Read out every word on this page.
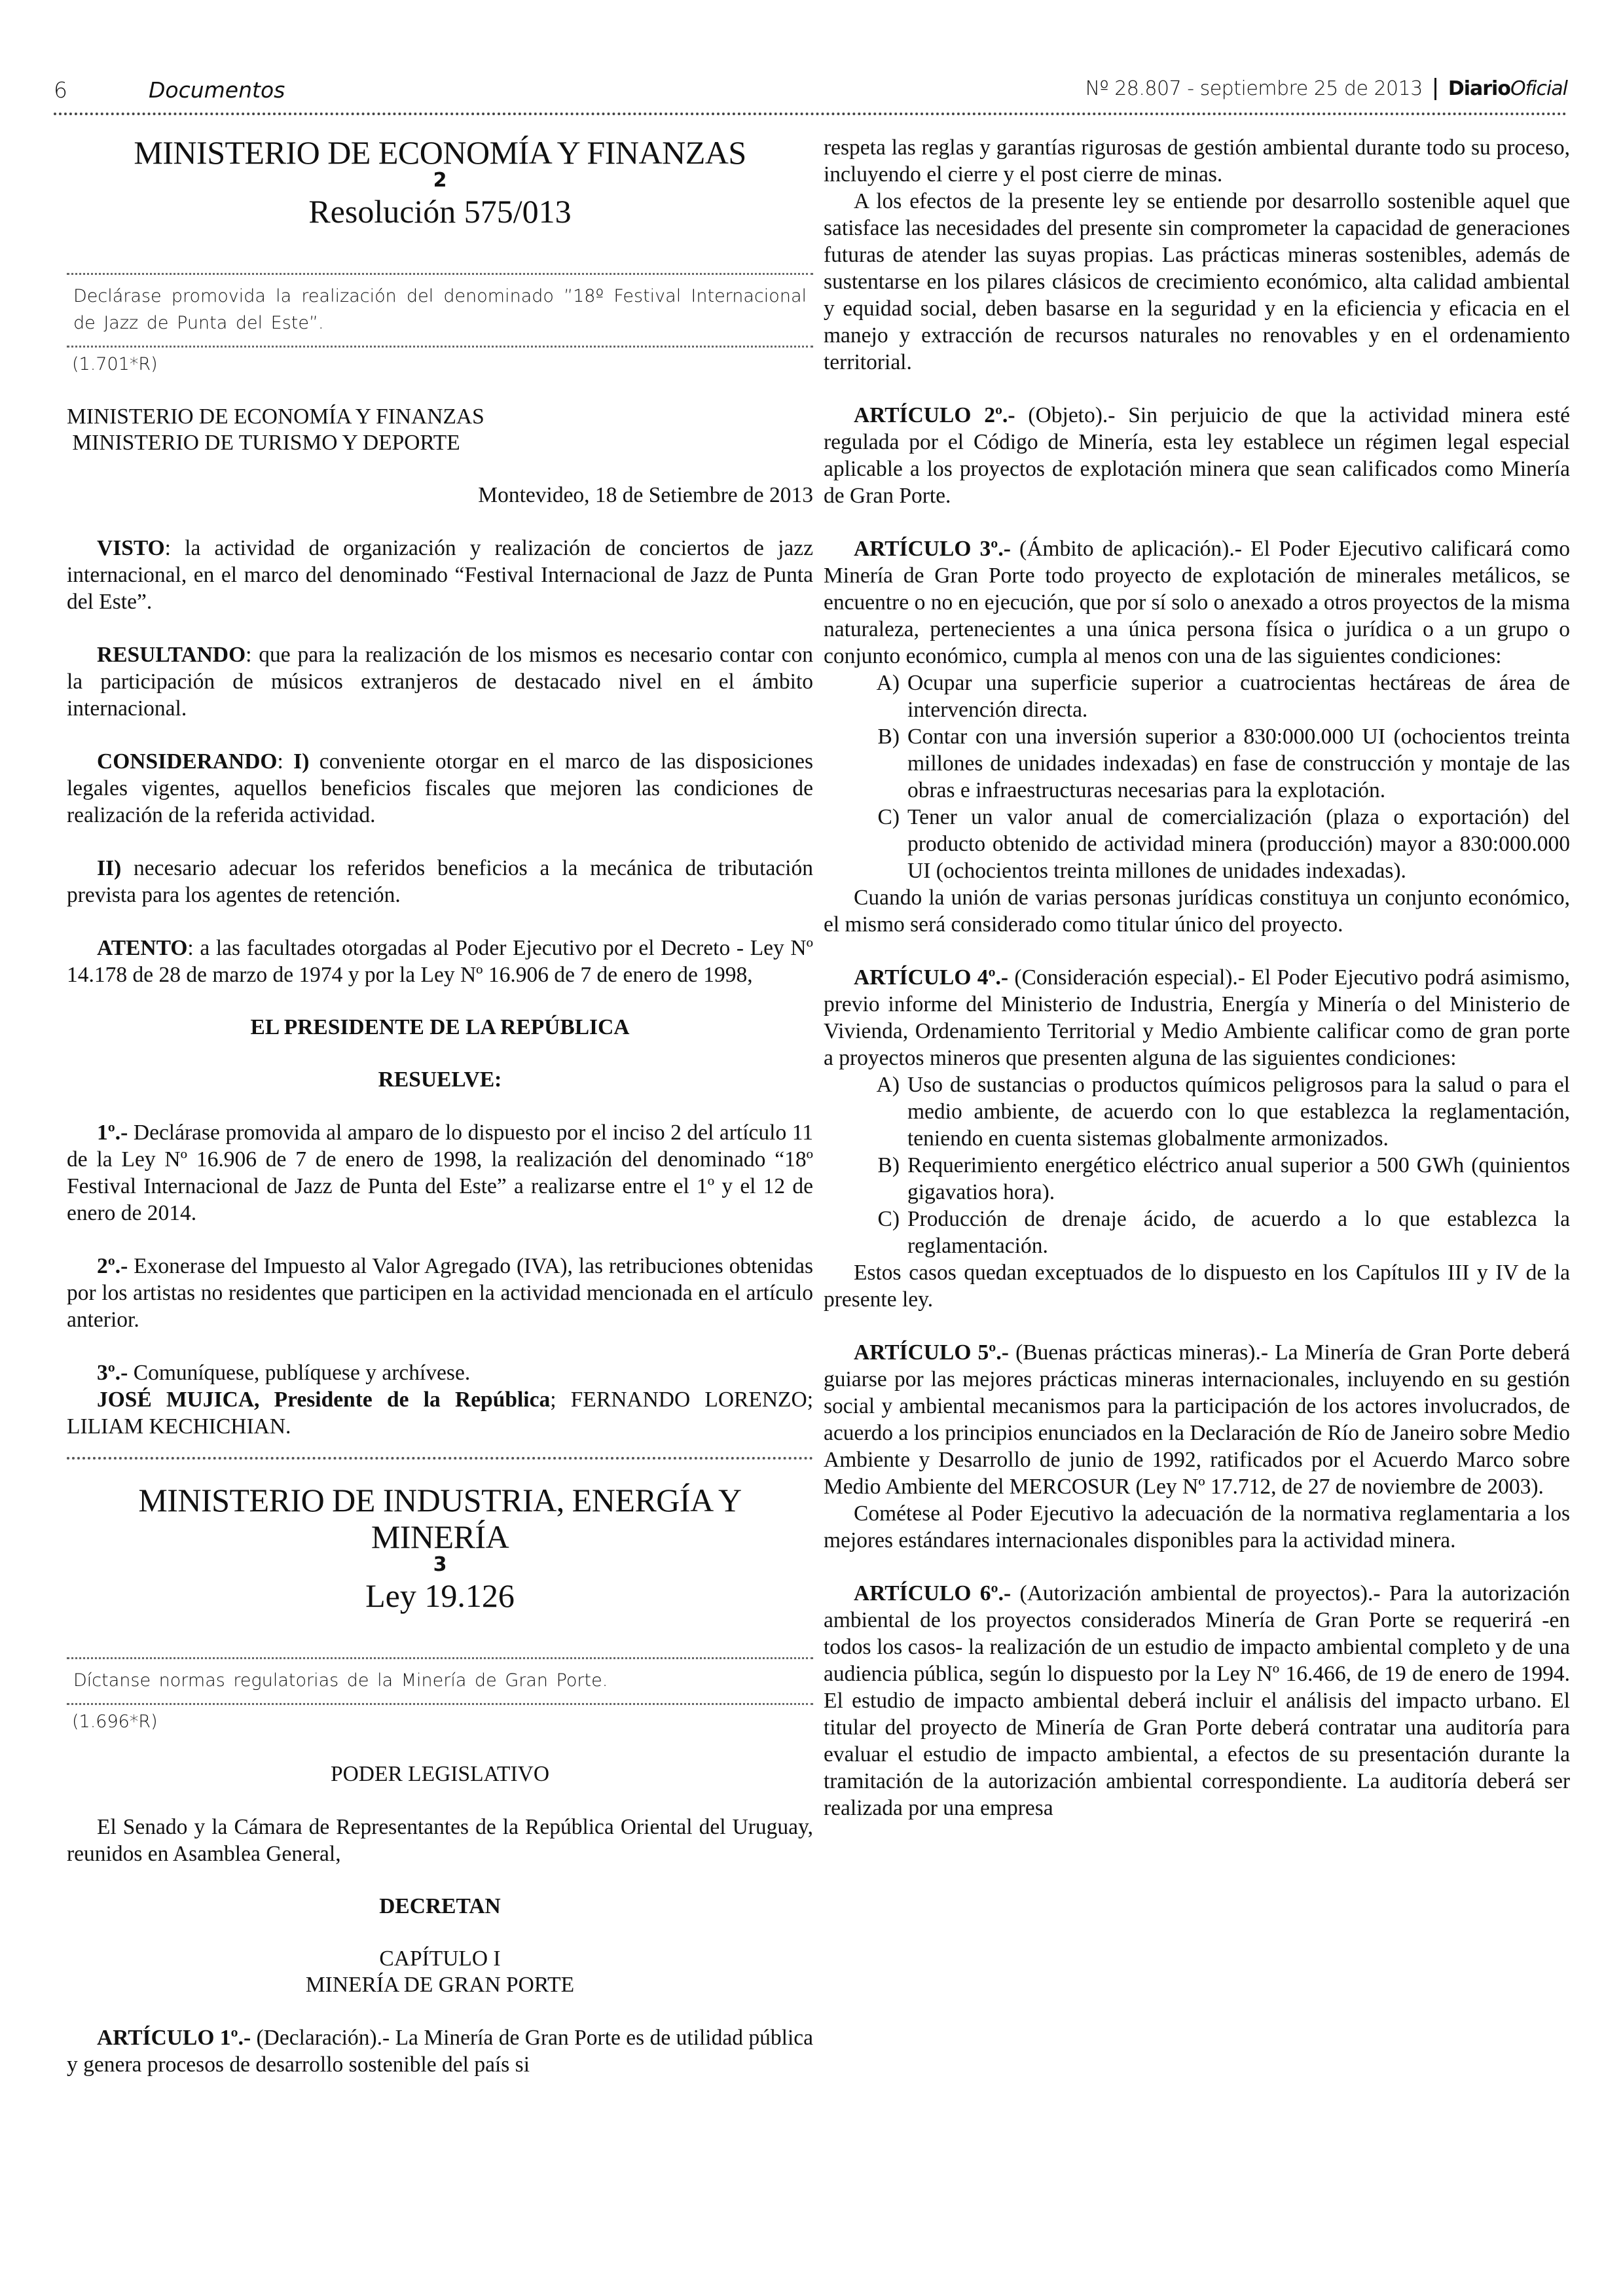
6	Documentos	Nº 28.807 - septiembre 25 de 2013 DiarioOficial

MINISTERIO DE ECONOMÍA Y FINANZAS

2

Resolución 575/013

Declárase promovida la realización del denominado ”18º Festival Internacional de Jazz de Punta del Este”.

(1.701*R)

MINISTERIO DE ECONOMÍA Y FINANZAS

MINISTERIO DE TURISMO Y DEPORTE

Montevideo, 18 de Setiembre de 2013

VISTO: la actividad de organización y realización de conciertos de jazz internacional, en el marco del denominado “Festival Internacional de Jazz de Punta del Este”.

RESULTANDO: que para la realización de los mismos es necesario contar con la participación de músicos extranjeros de destacado nivel en el ámbito internacional.

CONSIDERANDO: I) conveniente otorgar en el marco de las disposiciones legales vigentes, aquellos beneficios fiscales que mejoren las condiciones de realización de la referida actividad.

II) necesario adecuar los referidos beneficios a la mecánica de tributación prevista para los agentes de retención.

ATENTO: a las facultades otorgadas al Poder Ejecutivo por el Decreto - Ley Nº 14.178 de 28 de marzo de 1974 y por la Ley Nº 16.906 de 7 de enero de 1998,

EL PRESIDENTE DE LA REPÚBLICA

RESUELVE:

1º.- Declárase promovida al amparo de lo dispuesto por el inciso 2 del artículo 11 de la Ley Nº 16.906 de 7 de enero de 1998, la realización del denominado “18º Festival Internacional de Jazz de Punta del Este” a realizarse entre el 1º y el 12 de enero de 2014.

2º.- Exonerase del Impuesto al Valor Agregado (IVA), las retribuciones obtenidas por los artistas no residentes que participen en la actividad mencionada en el artículo anterior.

3º.- Comuníquese, publíquese y archívese.

JOSÉ MUJICA, Presidente de la República; FERNANDO LORENZO; LILIAM KECHICHIAN.

MINISTERIO DE INDUSTRIA, ENERGÍA Y MINERÍA

3

Ley 19.126

Díctanse normas regulatorias de la Minería de Gran Porte.

(1.696*R)

PODER LEGISLATIVO

El Senado y la Cámara de Representantes de la República Oriental del Uruguay, reunidos en Asamblea General,

DECRETAN

CAPÍTULO I

MINERÍA DE GRAN PORTE

ARTÍCULO 1º.- (Declaración).- La Minería de Gran Porte es de utilidad pública y genera procesos de desarrollo sostenible del país si

respeta las reglas y garantías rigurosas de gestión ambiental durante todo su proceso, incluyendo el cierre y el post cierre de minas.

A los efectos de la presente ley se entiende por desarrollo sostenible aquel que satisface las necesidades del presente sin comprometer la capacidad de generaciones futuras de atender las suyas propias. Las prácticas mineras sostenibles, además de sustentarse en los pilares clásicos de crecimiento económico, alta calidad ambiental y equidad social, deben basarse en la seguridad y en la eficiencia y eficacia en el manejo y extracción de recursos naturales no renovables y en el ordenamiento territorial.

ARTÍCULO 2º.- (Objeto).- Sin perjuicio de que la actividad minera esté regulada por el Código de Minería, esta ley establece un régimen legal especial aplicable a los proyectos de explotación minera que sean calificados como Minería de Gran Porte.

ARTÍCULO 3º.- (Ámbito de aplicación).- El Poder Ejecutivo calificará como Minería de Gran Porte todo proyecto de explotación de minerales metálicos, se encuentre o no en ejecución, que por sí solo o anexado a otros proyectos de la misma naturaleza, pertenecientes a una única persona física o jurídica o a un grupo o conjunto económico, cumpla al menos con una de las siguientes condiciones:

A) Ocupar una superficie superior a cuatrocientas hectáreas de área de intervención directa.
B) Contar con una inversión superior a 830:000.000 UI (ochocientos treinta millones de unidades indexadas) en fase de construcción y montaje de las obras e infraestructuras necesarias para la explotación.
C) Tener un valor anual de comercialización (plaza o exportación) del producto obtenido de actividad minera (producción) mayor a 830:000.000 UI (ochocientos treinta millones de unidades indexadas).

Cuando la unión de varias personas jurídicas constituya un conjunto económico, el mismo será considerado como titular único del proyecto.

ARTÍCULO 4º.- (Consideración especial).- El Poder Ejecutivo podrá asimismo, previo informe del Ministerio de Industria, Energía y Minería o del Ministerio de Vivienda, Ordenamiento Territorial y Medio Ambiente calificar como de gran porte a proyectos mineros que presenten alguna de las siguientes condiciones:

A) Uso de sustancias o productos químicos peligrosos para la salud o para el medio ambiente, de acuerdo con lo que establezca la reglamentación, teniendo en cuenta sistemas globalmente armonizados.
B) Requerimiento energético eléctrico anual superior a 500 GWh (quinientos gigavatios hora).
C) Producción de drenaje ácido, de acuerdo a lo que establezca la reglamentación.

Estos casos quedan exceptuados de lo dispuesto en los Capítulos III y IV de la presente ley.

ARTÍCULO 5º.- (Buenas prácticas mineras).- La Minería de Gran Porte deberá guiarse por las mejores prácticas mineras internacionales, incluyendo en su gestión social y ambiental mecanismos para la participación de los actores involucrados, de acuerdo a los principios enunciados en la Declaración de Río de Janeiro sobre Medio Ambiente y Desarrollo de junio de 1992, ratificados por el Acuerdo Marco sobre Medio Ambiente del MERCOSUR (Ley Nº 17.712, de 27 de noviembre de 2003).

Cométese al Poder Ejecutivo la adecuación de la normativa reglamentaria a los mejores estándares internacionales disponibles para la actividad minera.

ARTÍCULO 6º.- (Autorización ambiental de proyectos).- Para la autorización ambiental de los proyectos considerados Minería de Gran Porte se requerirá -en todos los casos- la realización de un estudio de impacto ambiental completo y de una audiencia pública, según lo dispuesto por la Ley Nº 16.466, de 19 de enero de 1994. El estudio de impacto ambiental deberá incluir el análisis del impacto urbano. El titular del proyecto de Minería de Gran Porte deberá contratar una auditoría para evaluar el estudio de impacto ambiental, a efectos de su presentación durante la tramitación de la autorización ambiental correspondiente. La auditoría deberá ser realizada por una empresa
